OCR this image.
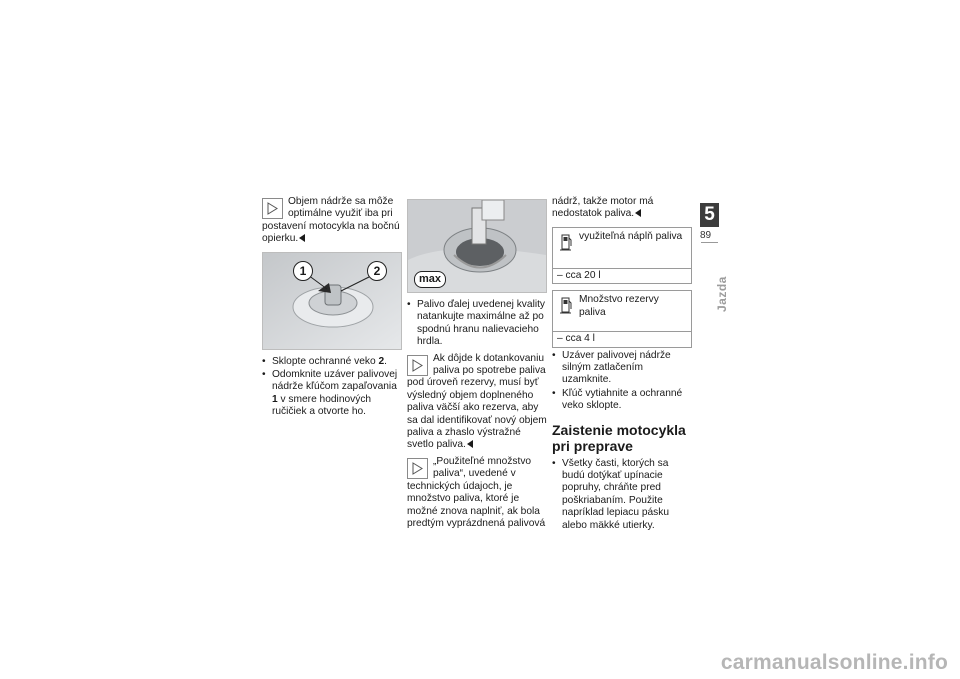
Objem nádrže sa môže optimálne využiť iba pri postavení motocykla na bočnú opierku.
1	2
• Sklopte ochranné veko 2.
• Odomknite uzáver palivovej nádrže kľúčom zapaľovania 1 v smere hodinových ručičiek a otvorte ho.
max
• Palivo ďalej uvedenej kvality natankujte maximálne až po spodnú hranu nalievacieho hrdla.
Ak dôjde k dotankovaniu paliva po spotrebe paliva pod úroveň rezervy, musí byť výsledný objem doplneného paliva väčší ako rezerva, aby sa dal identifikovať nový objem paliva a zhaslo výstražné svetlo paliva.
„Použiteľné množstvo paliva“, uvedené v technických údajoch, je množstvo paliva, ktoré je možné znova naplniť, ak bola predtým vyprázdnená palivová
nádrž, takže motor má nedostatok paliva.
využiteľná náplň paliva
– cca 20 l
Množstvo rezervy paliva
– cca 4 l
• Uzáver palivovej nádrže silným zatlačením uzamknite.
• Kľúč vytiahnite a ochranné veko sklopte.
Zaistenie motocykla pri preprave
• Všetky časti, ktorých sa budú dotýkať upínacie popruhy, chráňte pred poškriabaním. Použite napríklad lepiacu pásku alebo mäkké utierky.
5
89
Jazda
carmanualsonline.info
